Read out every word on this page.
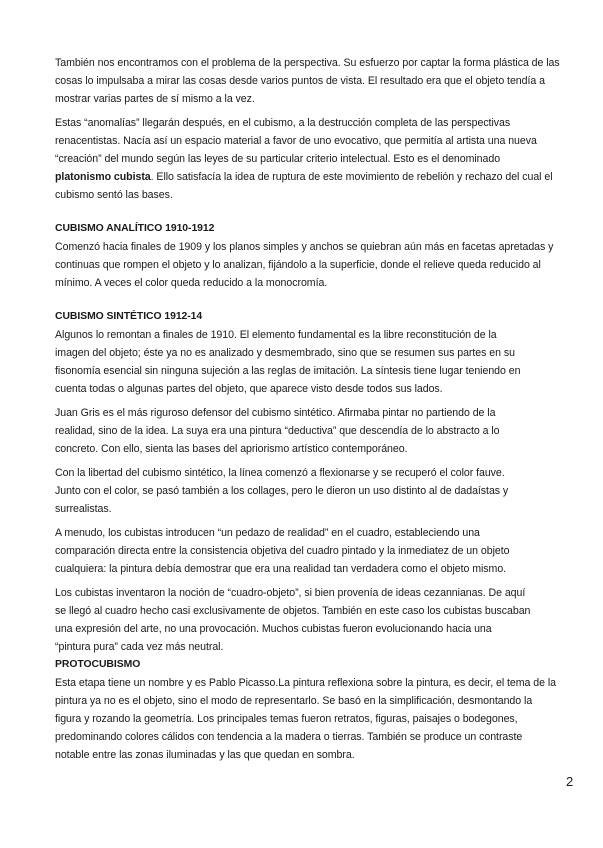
También nos encontramos con el problema de la perspectiva. Su esfuerzo por captar la forma plástica de las
cosas lo impulsaba a mirar las cosas desde varios puntos de vista. El resultado era que el objeto tendía a
mostrar varias partes de sí mismo a la vez.

Estas “anomalías” llegarán después, en el cubismo, a la destrucción completa de las perspectivas
renacentistas. Nacía así un espacio material a favor de uno evocativo, que permitía al artista una nueva
“creación” del mundo según las leyes de su particular criterio intelectual. Esto es el denominado
platonismo cubista. Ello satisfacía la idea de ruptura de este movimiento de rebelión y rechazo del cual el
cubismo sentó las bases.

CUBISMO ANALÍTICO 1910-1912

Comenzó hacia finales de 1909 y los planos simples y anchos se quiebran aún más en facetas apretadas y
continuas que rompen el objeto y lo analizan, fijándolo a la superficie, donde el relieve queda reducido al
mínimo. A veces el color queda reducido a la monocromía.

CUBISMO SINTÉTICO 1912-14

Algunos lo remontan a finales de 1910. El elemento fundamental es la libre reconstitución de la
imagen del objeto; éste ya no es analizado y desmembrado, sino que se resumen sus partes en su
fisonomía esencial sin ninguna sujeción a las reglas de imitación. La síntesis tiene lugar teniendo en
cuenta todas o algunas partes del objeto, que aparece visto desde todos sus lados.

Juan Gris es el más riguroso defensor del cubismo sintético. Afirmaba pintar no partiendo de la
realidad, sino de la idea. La suya era una pintura “deductiva” que descendía de lo abstracto a lo
concreto. Con ello, sienta las bases del apriorismo artístico contemporáneo.

Con la libertad del cubismo sintético, la línea comenzó a flexionarse y se recuperó el color fauve.
Junto con el color, se pasó también a los collages, pero le dieron un uso distinto al de dadaístas y
surrealistas.

A menudo, los cubistas introducen “un pedazo de realidad” en el cuadro, estableciendo una
comparación directa entre la consistencia objetiva del cuadro pintado y la inmediatez de un objeto
cualquiera: la pintura debía demostrar que era una realidad tan verdadera como el objeto mismo.

Los cubistas inventaron la noción de “cuadro-objeto”, si bien provenía de ideas cezannianas. De aquí
se llegó al cuadro hecho casi exclusivamente de objetos. También en este caso los cubistas buscaban
una expresión del arte, no una provocación. Muchos cubistas fueron evolucionando hacia una
“pintura pura” cada vez más neutral.

PROTOCUBISMO

Esta etapa tiene un nombre y es Pablo Picasso.La pintura reflexiona sobre la pintura, es decir, el tema de la
pintura ya no es el objeto, sino el modo de representarlo. Se basó en la simplificación, desmontando la
figura y rozando la geometría. Los principales temas fueron retratos, figuras, paisajes o bodegones,
predominando colores cálidos con tendencia a la madera o tierras. También se produce un contraste
notable entre las zonas iluminadas y las que quedan en sombra.

2
